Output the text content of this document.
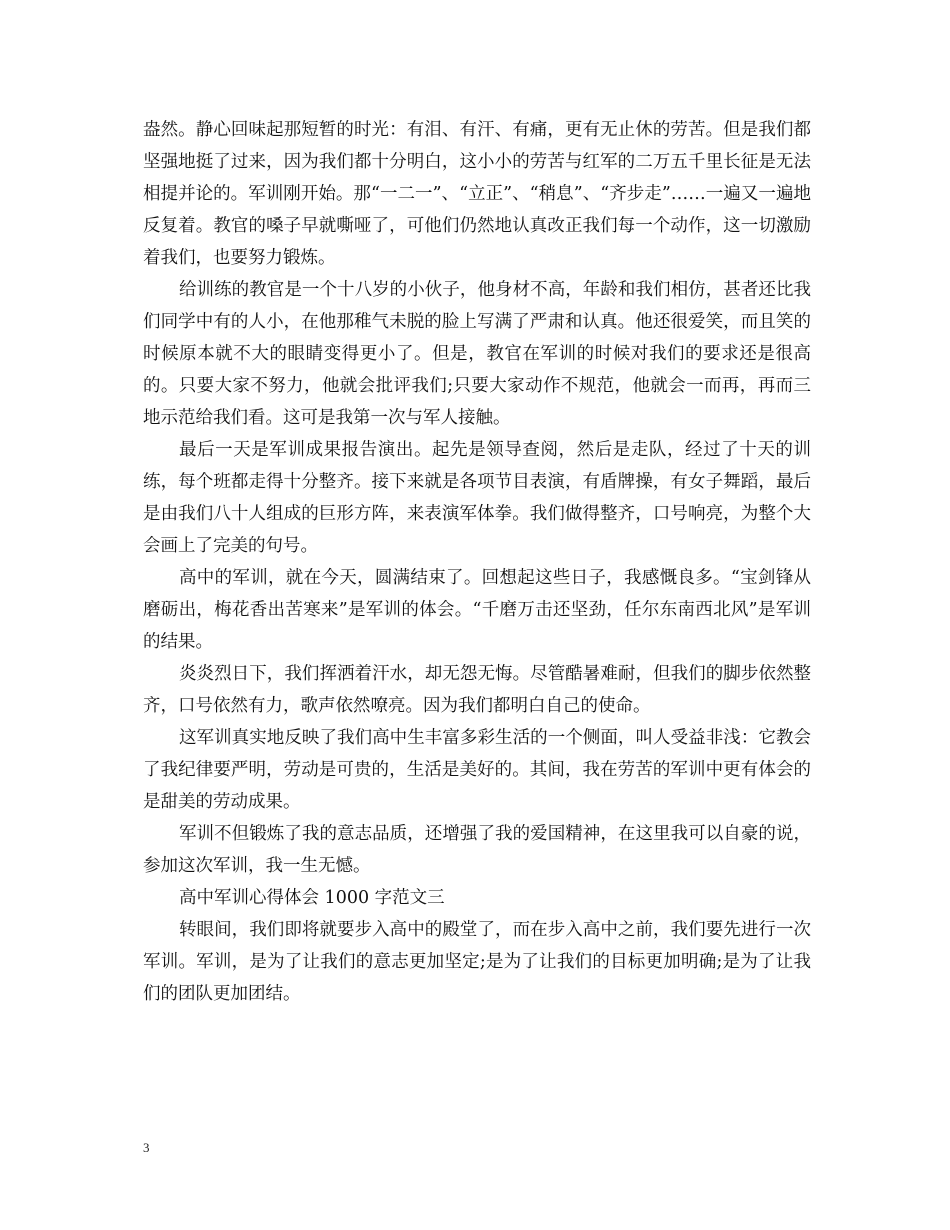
盎然。静心回味起那短暂的时光：有泪、有汗、有痛，更有无止休的劳苦。但是我们都坚强地挺了过来，因为我们都十分明白，这小小的劳苦与红军的二万五千里长征是无法相提并论的。军训刚开始。那“一二一”、“立正”、“稍息”、“齐步走”……一遍又一遍地反复着。教官的嗓子早就嘶哑了，可他们仍然地认真改正我们每一个动作，这一切激励着我们，也要努力锻炼。

给训练的教官是一个十八岁的小伙子，他身材不高，年龄和我们相仿，甚者还比我们同学中有的人小，在他那稚气未脱的脸上写满了严肃和认真。他还很爱笑，而且笑的时候原本就不大的眼睛变得更小了。但是，教官在军训的时候对我们的要求还是很高的。只要大家不努力，他就会批评我们;只要大家动作不规范，他就会一而再，再而三地示范给我们看。这可是我第一次与军人接触。

最后一天是军训成果报告演出。起先是领导查阅，然后是走队，经过了十天的训练，每个班都走得十分整齐。接下来就是各项节目表演，有盾牌操，有女子舞蹈，最后是由我们八十人组成的巨形方阵，来表演军体拳。我们做得整齐，口号响亮，为整个大会画上了完美的句号。

高中的军训，就在今天，圆满结束了。回想起这些日子，我感慨良多。“宝剑锋从磨砺出，梅花香出苦寒来”是军训的体会。“千磨万击还坚劲，任尔东南西北风”是军训的结果。

炎炎烈日下，我们挥洒着汗水，却无怨无悔。尽管酷暑难耐，但我们的脚步依然整齐，口号依然有力，歌声依然嘹亮。因为我们都明白自己的使命。

这军训真实地反映了我们高中生丰富多彩生活的一个侧面，叫人受益非浅：它教会了我纪律要严明，劳动是可贵的，生活是美好的。其间，我在劳苦的军训中更有体会的是甜美的劳动成果。

军训不但锻炼了我的意志品质，还增强了我的爱国精神，在这里我可以自豪的说，参加这次军训，我一生无憾。

高中军训心得体会 1000 字范文三

转眼间，我们即将就要步入高中的殿堂了，而在步入高中之前，我们要先进行一次军训。军训，是为了让我们的意志更加坚定;是为了让我们的目标更加明确;是为了让我们的团队更加团结。

3
